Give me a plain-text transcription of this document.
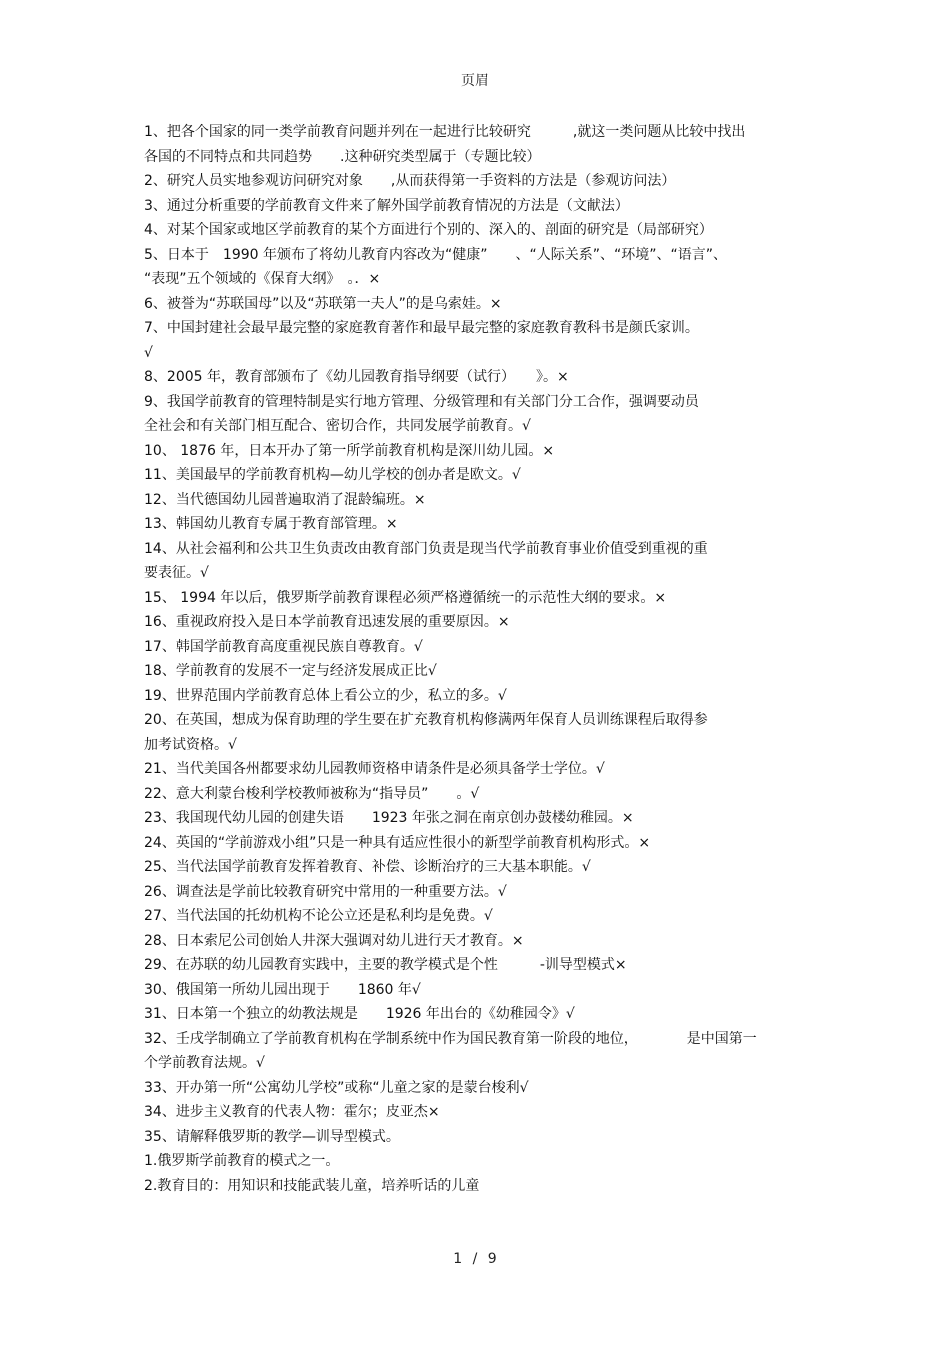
页眉
1、把各个国家的同一类学前教育问题并列在一起进行比较研究　　　,就这一类问题从比较中找出
各国的不同特点和共同趋势　　.这种研究类型属于（专题比较）
2、研究人员实地参观访问研究对象　　,从而获得第一手资料的方法是（参观访问法）
3、通过分析重要的学前教育文件来了解外国学前教育情况的方法是（文献法）
4、对某个国家或地区学前教育的某个方面进行个别的、深入的、剖面的研究是（局部研究）
5、日本于　1990 年颁布了将幼儿教育内容改为“健康”　　、“人际关系”、“环境”、“语言”、
“表现”五个领域的《保育大纲》　。．×
6、被誉为“苏联国母”以及“苏联第一夫人”的是乌索娃。×
7、中国封建社会最早最完整的家庭教育著作和最早最完整的家庭教育教科书是颜氏家训。
√
8、2005 年，教育部颁布了《幼儿园教育指导纲要（试行）　　》。×
9、我国学前教育的管理特制是实行地方管理、分级管理和有关部门分工合作，强调要动员
全社会和有关部门相互配合、密切合作，共同发展学前教育。√
10、 1876 年，日本开办了第一所学前教育机构是深川幼儿园。×
11、美国最早的学前教育机构—幼儿学校的创办者是欧文。√
12、当代德国幼儿园普遍取消了混龄编班。×
13、韩国幼儿教育专属于教育部管理。×
14、从社会福利和公共卫生负责改由教育部门负责是现当代学前教育事业价值受到重视的重
要表征。√
15、 1994 年以后，俄罗斯学前教育课程必须严格遵循统一的示范性大纲的要求。×
16、重视政府投入是日本学前教育迅速发展的重要原因。×
17、韩国学前教育高度重视民族自尊教育。√
18、学前教育的发展不一定与经济发展成正比√
19、世界范围内学前教育总体上看公立的少，私立的多。√
20、在英国，想成为保育助理的学生要在扩充教育机构修满两年保育人员训练课程后取得参
加考试资格。√
21、当代美国各州都要求幼儿园教师资格申请条件是必须具备学士学位。√
22、意大利蒙台梭利学校教师被称为“指导员”　　。√
23、我国现代幼儿园的创建失语　　1923 年张之洞在南京创办鼓楼幼稚园。×
24、英国的“学前游戏小组”只是一种具有适应性很小的新型学前教育机构形式。×
25、当代法国学前教育发挥着教育、补偿、诊断治疗的三大基本职能。√
26、调查法是学前比较教育研究中常用的一种重要方法。√
27、当代法国的托幼机构不论公立还是私利均是免费。√
28、日本索尼公司创始人井深大强调对幼儿进行天才教育。×
29、在苏联的幼儿园教育实践中，主要的教学模式是个性　　　-训导型模式×
30、俄国第一所幼儿园出现于　　1860 年√
31、日本第一个独立的幼教法规是　　1926 年出台的《幼稚园令》√
32、壬戌学制确立了学前教育机构在学制系统中作为国民教育第一阶段的地位，　　　　是中国第一
个学前教育法规。√
33、开办第一所“公寓幼儿学校”或称“儿童之家的是蒙台梭利√
34、进步主义教育的代表人物：霍尔；皮亚杰×
35、请解释俄罗斯的教学—训导型模式。
1.俄罗斯学前教育的模式之一。
2.教育目的：用知识和技能武装儿童，培养听话的儿童
1 / 9
